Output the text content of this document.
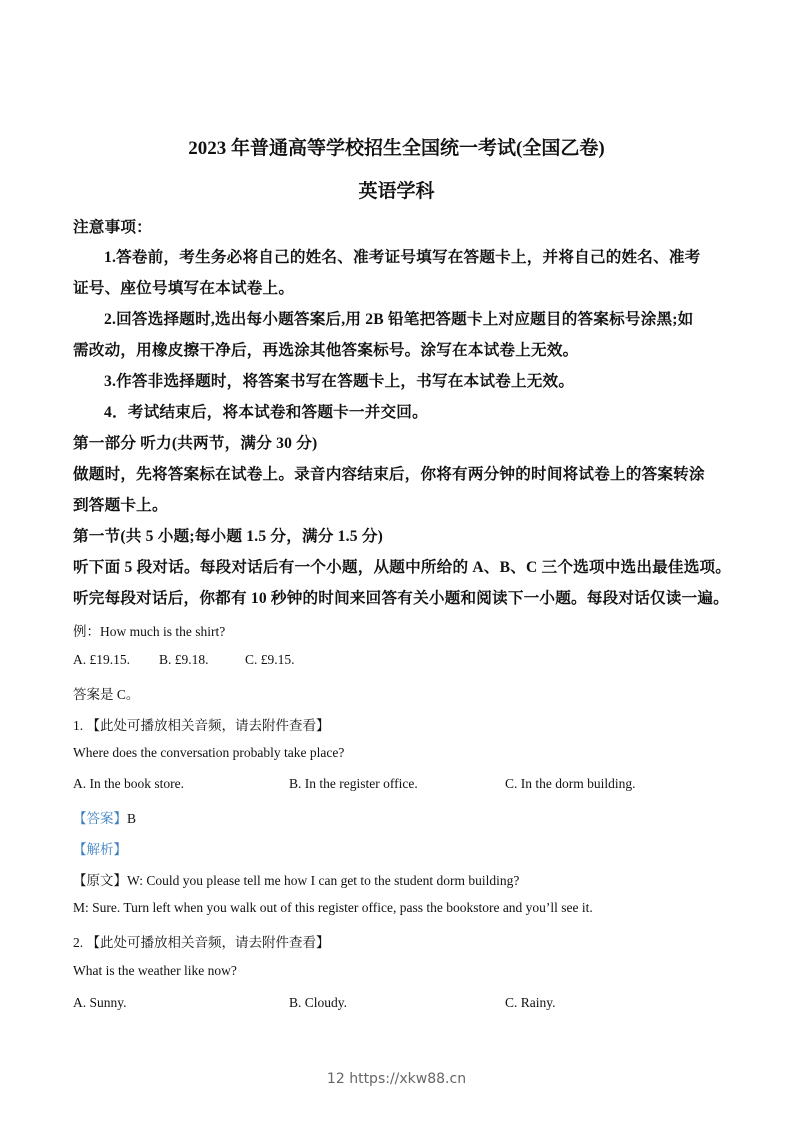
2023 年普通高等学校招生全国统一考试(全国乙卷)
英语学科
注意事项：
1.答卷前，考生务必将自己的姓名、准考证号填写在答题卡上，并将自己的姓名、准考
证号、座位号填写在本试卷上。
2.回答选择题时,选出每小题答案后,用 2B 铅笔把答题卡上对应题目的答案标号涂黑;如
需改动，用橡皮擦干净后，再选涂其他答案标号。涂写在本试卷上无效。
3.作答非选择题时，将答案书写在答题卡上，书写在本试卷上无效。
4．考试结束后，将本试卷和答题卡一并交回。
第一部分 听力(共两节，满分 30 分)
做题时，先将答案标在试卷上。录音内容结束后，你将有两分钟的时间将试卷上的答案转涂
到答题卡上。
第一节(共 5 小题;每小题 1.5 分，满分 1.5 分)
听下面 5 段对话。每段对话后有一个小题，从题中所给的 A、B、C 三个选项中选出最佳选项。
听完每段对话后，你都有 10 秒钟的时间来回答有关小题和阅读下一小题。每段对话仅读一遍。
例：How much is the shirt?
A. £19.15. B. £9.18.	C. £9.15.
答案是 C。
1. 【此处可播放相关音频，请去附件查看】
Where does the conversation probably take place?
A. In the book store.	B. In the register office.	C. In the dorm building.
【答案】B
【解析】
【原文】W: Could you please tell me how I can get to the student dorm building?
M: Sure. Turn left when you walk out of this register office, pass the bookstore and you’ll see it.
2. 【此处可播放相关音频，请去附件查看】
What is the weather like now?
A. Sunny.	B. Cloudy.	C. Rainy.
12 https://xkw88.cn
